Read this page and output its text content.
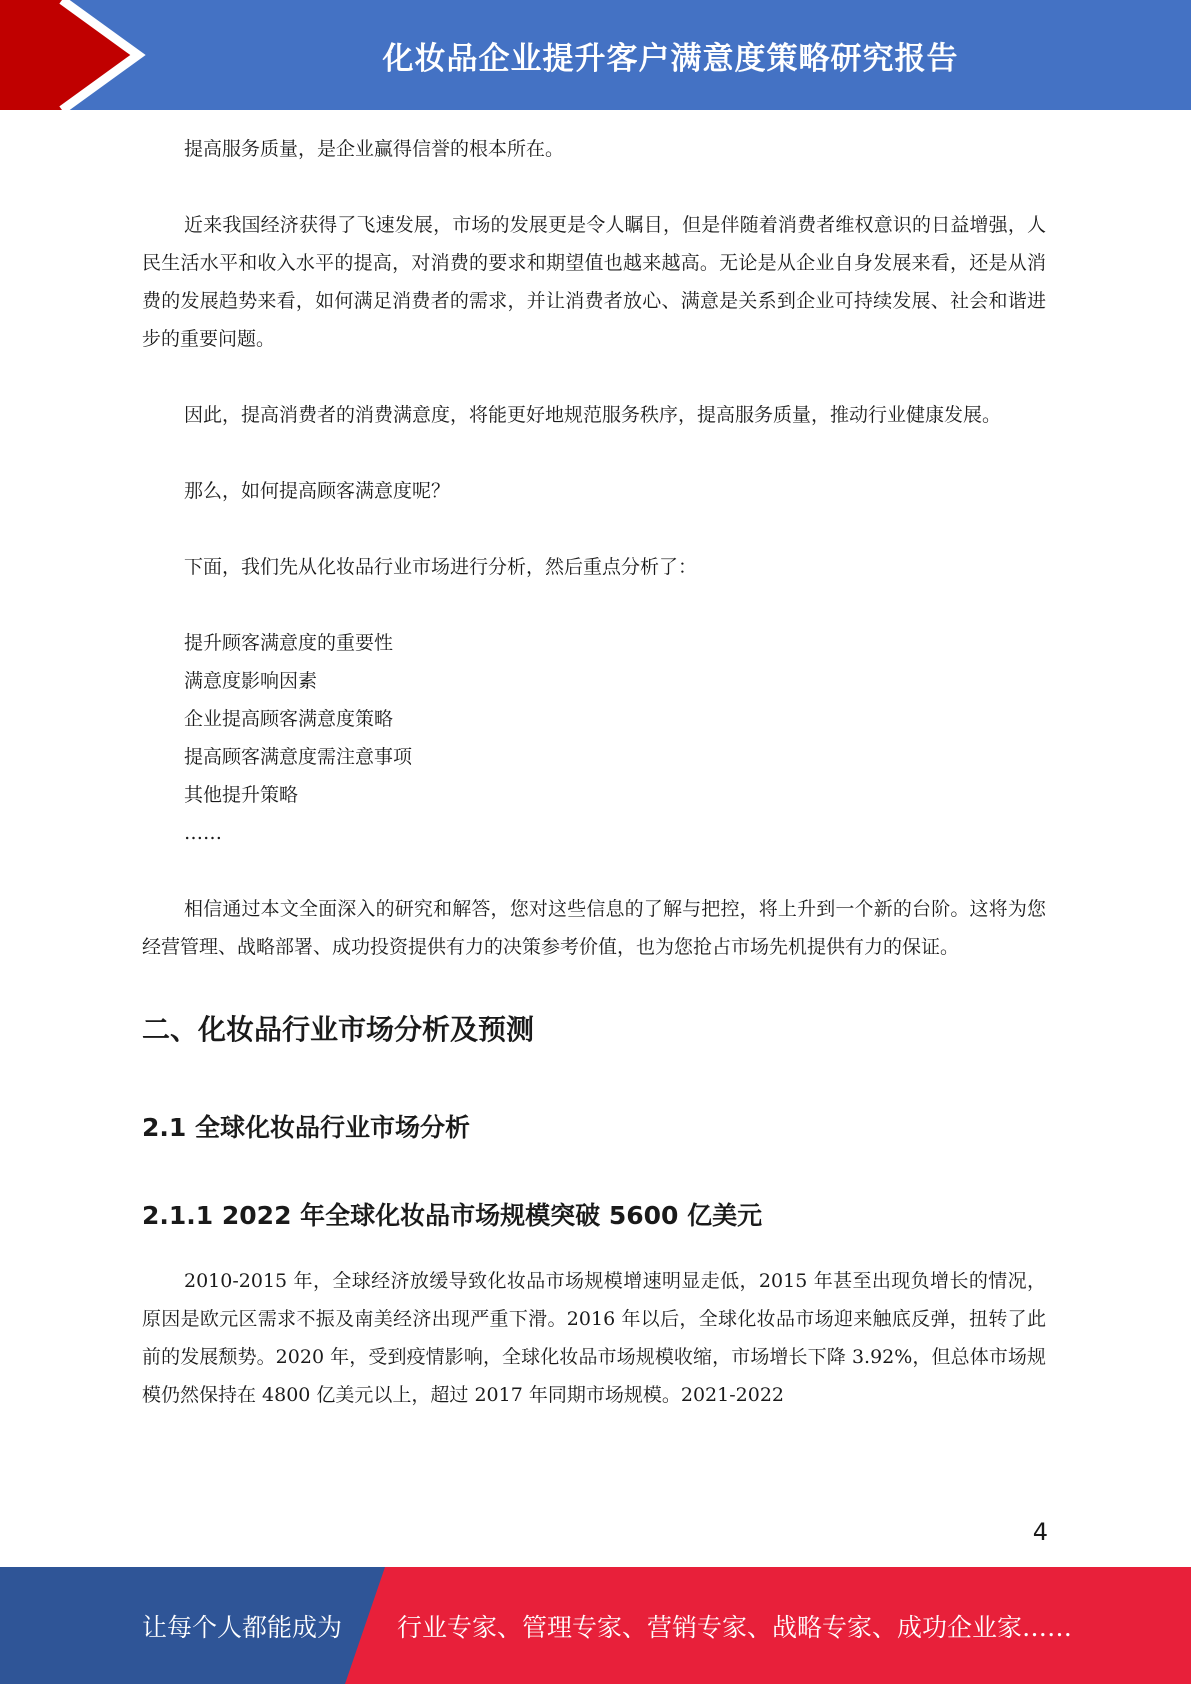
化妆品企业提升客户满意度策略研究报告

提高服务质量，是企业赢得信誉的根本所在。

近来我国经济获得了飞速发展，市场的发展更是令人瞩目，但是伴随着消费者维权意识的日益增强，人民生活水平和收入水平的提高，对消费的要求和期望值也越来越高。无论是从企业自身发展来看，还是从消费的发展趋势来看，如何满足消费者的需求，并让消费者放心、满意是关系到企业可持续发展、社会和谐进步的重要问题。

因此，提高消费者的消费满意度，将能更好地规范服务秩序，提高服务质量，推动行业健康发展。

那么，如何提高顾客满意度呢？

下面，我们先从化妆品行业市场进行分析，然后重点分析了：

提升顾客满意度的重要性
满意度影响因素
企业提高顾客满意度策略
提高顾客满意度需注意事项
其他提升策略
……

相信通过本文全面深入的研究和解答，您对这些信息的了解与把控，将上升到一个新的台阶。这将为您经营管理、战略部署、成功投资提供有力的决策参考价值，也为您抢占市场先机提供有力的保证。

二、化妆品行业市场分析及预测
2.1 全球化妆品行业市场分析
2.1.1 2022 年全球化妆品市场规模突破 5600 亿美元

2010-2015 年，全球经济放缓导致化妆品市场规模增速明显走低，2015 年甚至出现负增长的情况，原因是欧元区需求不振及南美经济出现严重下滑。2016 年以后，全球化妆品市场迎来触底反弹，扭转了此前的发展颓势。2020 年，受到疫情影响，全球化妆品市场规模收缩，市场增长下降 3.92%，但总体市场规模仍然保持在 4800 亿美元以上，超过 2017 年同期市场规模。2021-2022

4
让每个人都能成为 行业专家、管理专家、营销专家、战略专家、成功企业家……
